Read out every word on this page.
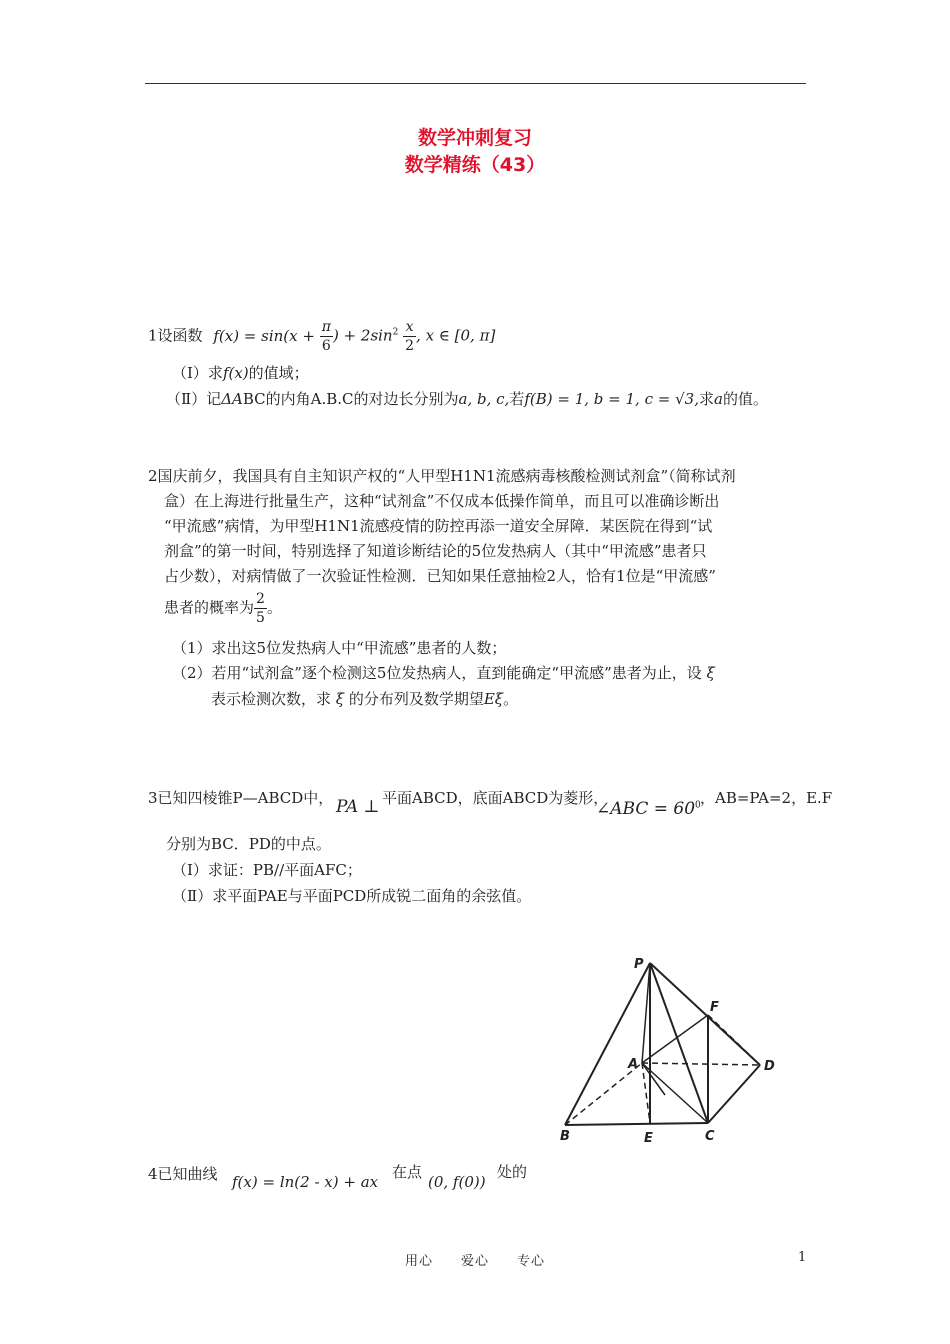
数学冲刺复习
数学精练（43）
1设函数 $f(x) = \sin(x + \frac{\pi}{6}$ ) + $2\sin^2 \frac{x}{2}$ , x ∈ [0, π]
（Ⅰ）求f(x)的值域；
（Ⅱ）记ΔABC的内角A.B.C的对边长分别为a, b, c,若f(B) = 1, b = 1, c = √3,求a的值。
2国庆前夕，我国具有自主知识产权的“人甲型H1N1流感病毒核酸检测试剂盒”（简称试剂
盒）在上海进行批量生产，这种“试剂盒”不仅成本低操作简单，而且可以准确诊断出
“甲流感”病情，为甲型H1N1流感疫情的防控再添一道安全屏障．某医院在得到“试
剂盒”的第一时间，特别选择了知道诊断结论的5位发热病人（其中“甲流感”患者只
占少数），对病情做了一次验证性检测．已知如果任意抽检2人，恰有1位是“甲流感”
患者的概率为 $\frac{2}{5}$ 。
（1）求出这5位发热病人中“甲流感”患者的人数；
（2）若用“试剂盒”逐个检测这5位发热病人，直到能确定“甲流感”患者为止，设 ξ
表示检测次数，求 ξ 的分布列及数学期望Eξ。
3已知四棱锥P—ABCD中， PA ⊥ 平面ABCD，底面ABCD为菱形，
∠ABC = $60^0$ ，AB=PA=2，E.F
分别为BC．PD的中点。
（Ⅰ）求证：PB//平面AFC；
（Ⅱ）求平面PAE与平面PCD所成锐二面角的余弦值。
P
F
A	D
B	E	C
4已知曲线 f(x) = ln(2 - x) + ax
在点
(0, f(0))
处的
用心　　爱心　　专心	1
